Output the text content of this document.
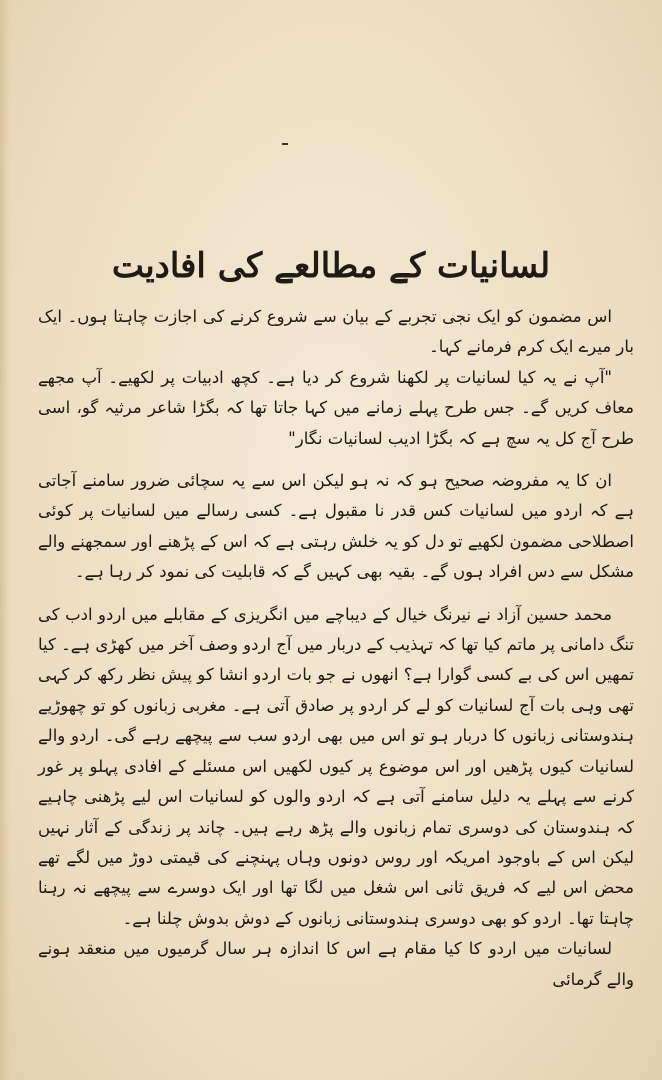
لسانیات کے مطالعے کی افادیت

اس مضمون کو ایک نجی تجربے کے بیان سے شروع کرنے کی اجازت چاہتا ہوں۔ ایک بار میرے ایک کرم فرمانے کہا۔

"آپ نے یہ کیا لسانیات پر لکھنا شروع کر دیا ہے۔ کچھ ادبیات پر لکھیے۔ آپ مجھے معاف کریں گے۔ جس طرح پہلے زمانے میں کہا جاتا تھا کہ بگڑا شاعر مرثیہ گو، اسی طرح آج کل یہ سچ ہے کہ بگڑا ادیب لسانیات نگار"

ان کا یہ مفروضہ صحیح ہو کہ نہ ہو لیکن اس سے یہ سچائی ضرور سامنے آجاتی ہے کہ اردو میں لسانیات کس قدر نا مقبول ہے۔ کسی رسالے میں لسانیات پر کوئی اصطلاحی مضمون لکھیے تو دل کو یہ خلش رہتی ہے کہ اس کے پڑھنے اور سمجھنے والے مشکل سے دس افراد ہوں گے۔ بقیہ بھی کہیں گے کہ قابلیت کی نمود کر رہا ہے۔

محمد حسین آزاد نے نیرنگ خیال کے دیباچے میں انگریزی کے مقابلے میں اردو ادب کی تنگ دامانی پر ماتم کیا تھا کہ تہذیب کے دربار میں آج اردو وصف آخر میں کھڑی ہے۔ کیا تمھیں اس کی بے کسی گوارا ہے؟ انھوں نے جو بات اردو انشا کو پیش نظر رکھ کر کہی تھی وہی بات آج لسانیات کو لے کر اردو پر صادق آتی ہے۔ مغربی زبانوں کو تو چھوڑیے ہندوستانی زبانوں کا دربار ہو تو اس میں بھی اردو سب سے پیچھے رہے گی۔ اردو والے لسانیات کیوں پڑھیں اور اس موضوع پر کیوں لکھیں اس مسئلے کے افادی پہلو پر غور کرنے سے پہلے یہ دلیل سامنے آتی ہے کہ اردو والوں کو لسانیات اس لیے پڑھنی چاہیے کہ ہندوستان کی دوسری تمام زبانوں والے پڑھ رہے ہیں۔ چاند پر زندگی کے آثار نہیں لیکن اس کے باوجود امریکہ اور روس دونوں وہاں پہنچنے کی قیمتی دوڑ میں لگے تھے محض اس لیے کہ فریق ثانی اس شغل میں لگا تھا اور ایک دوسرے سے پیچھے نہ رہنا چاہتا تھا۔ اردو کو بھی دوسری ہندوستانی زبانوں کے دوش بدوش چلنا ہے۔

لسانیات میں اردو کا کیا مقام ہے اس کا اندازہ ہر سال گرمیوں میں منعقد ہونے والے گرمائی
